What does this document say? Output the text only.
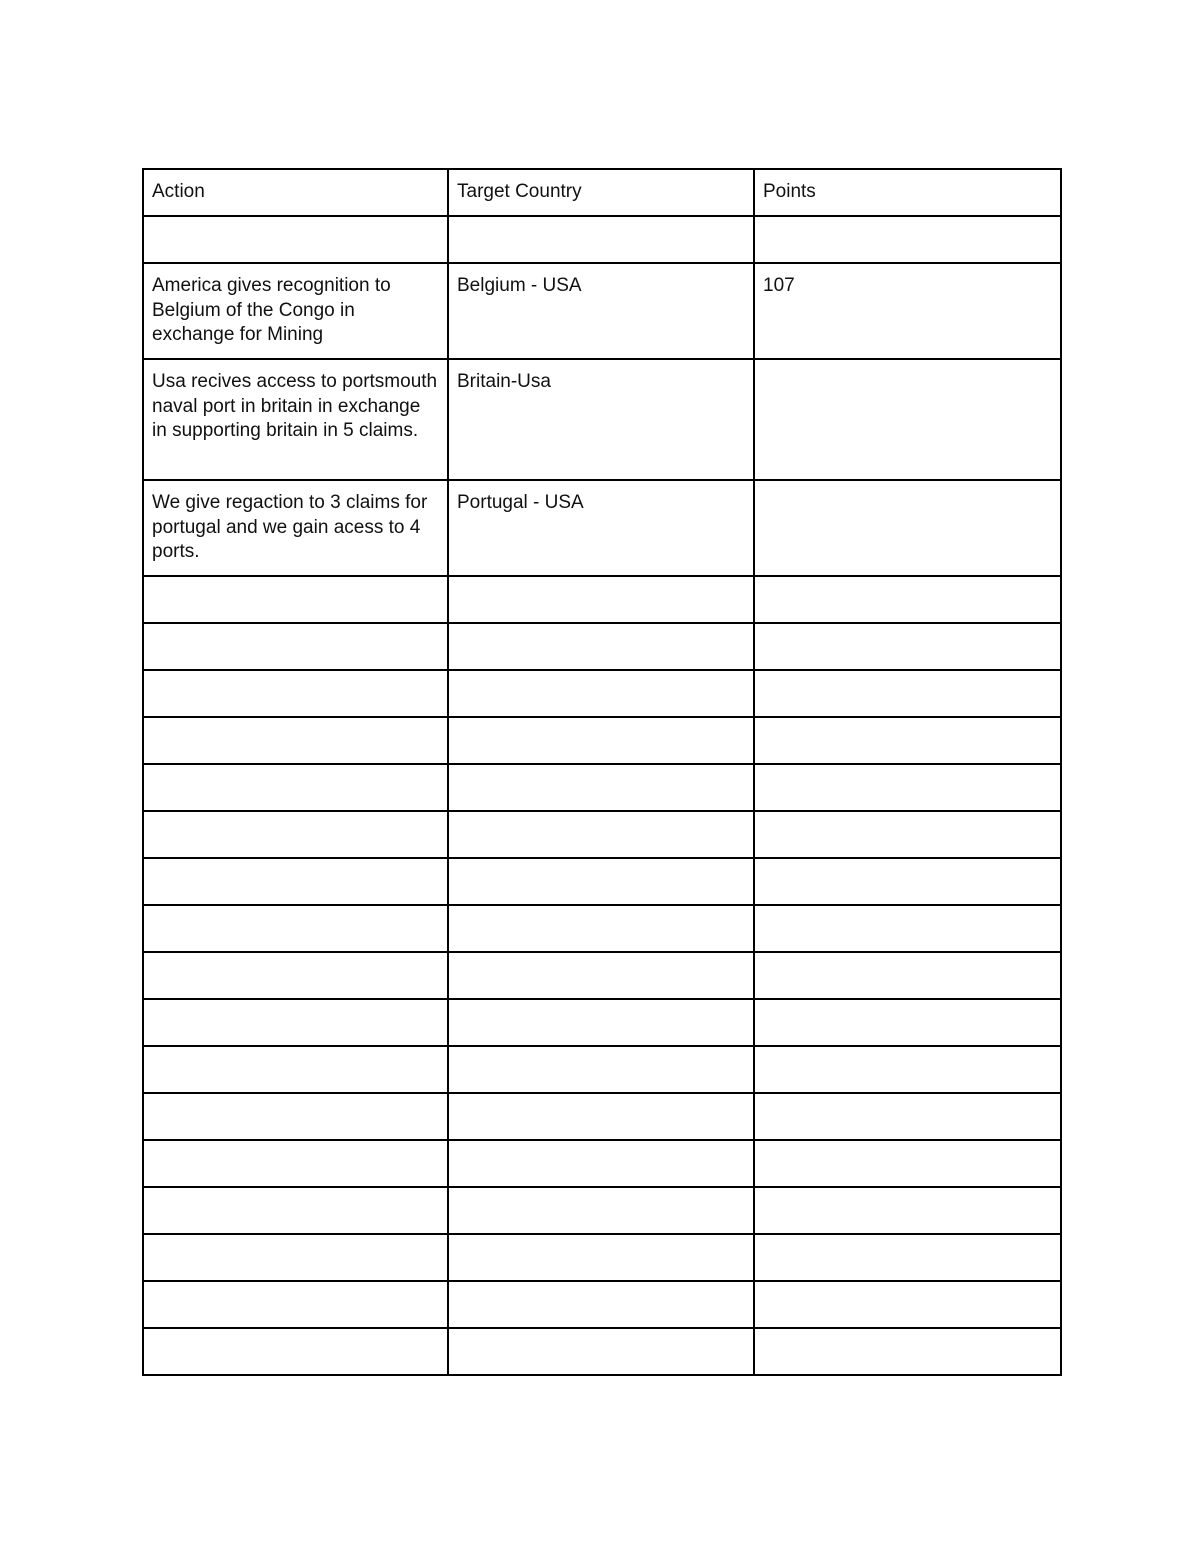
Action	Target Country	Points

America gives recognition to Belgium of the Congo in exchange for Mining	Belgium - USA	107
Usa recives access to portsmouth naval port in britain in exchange in supporting britain in 5 claims.	Britain-Usa	
We give regaction to 3 claims for portugal and we gain acess to 4 ports.	Portugal - USA	
